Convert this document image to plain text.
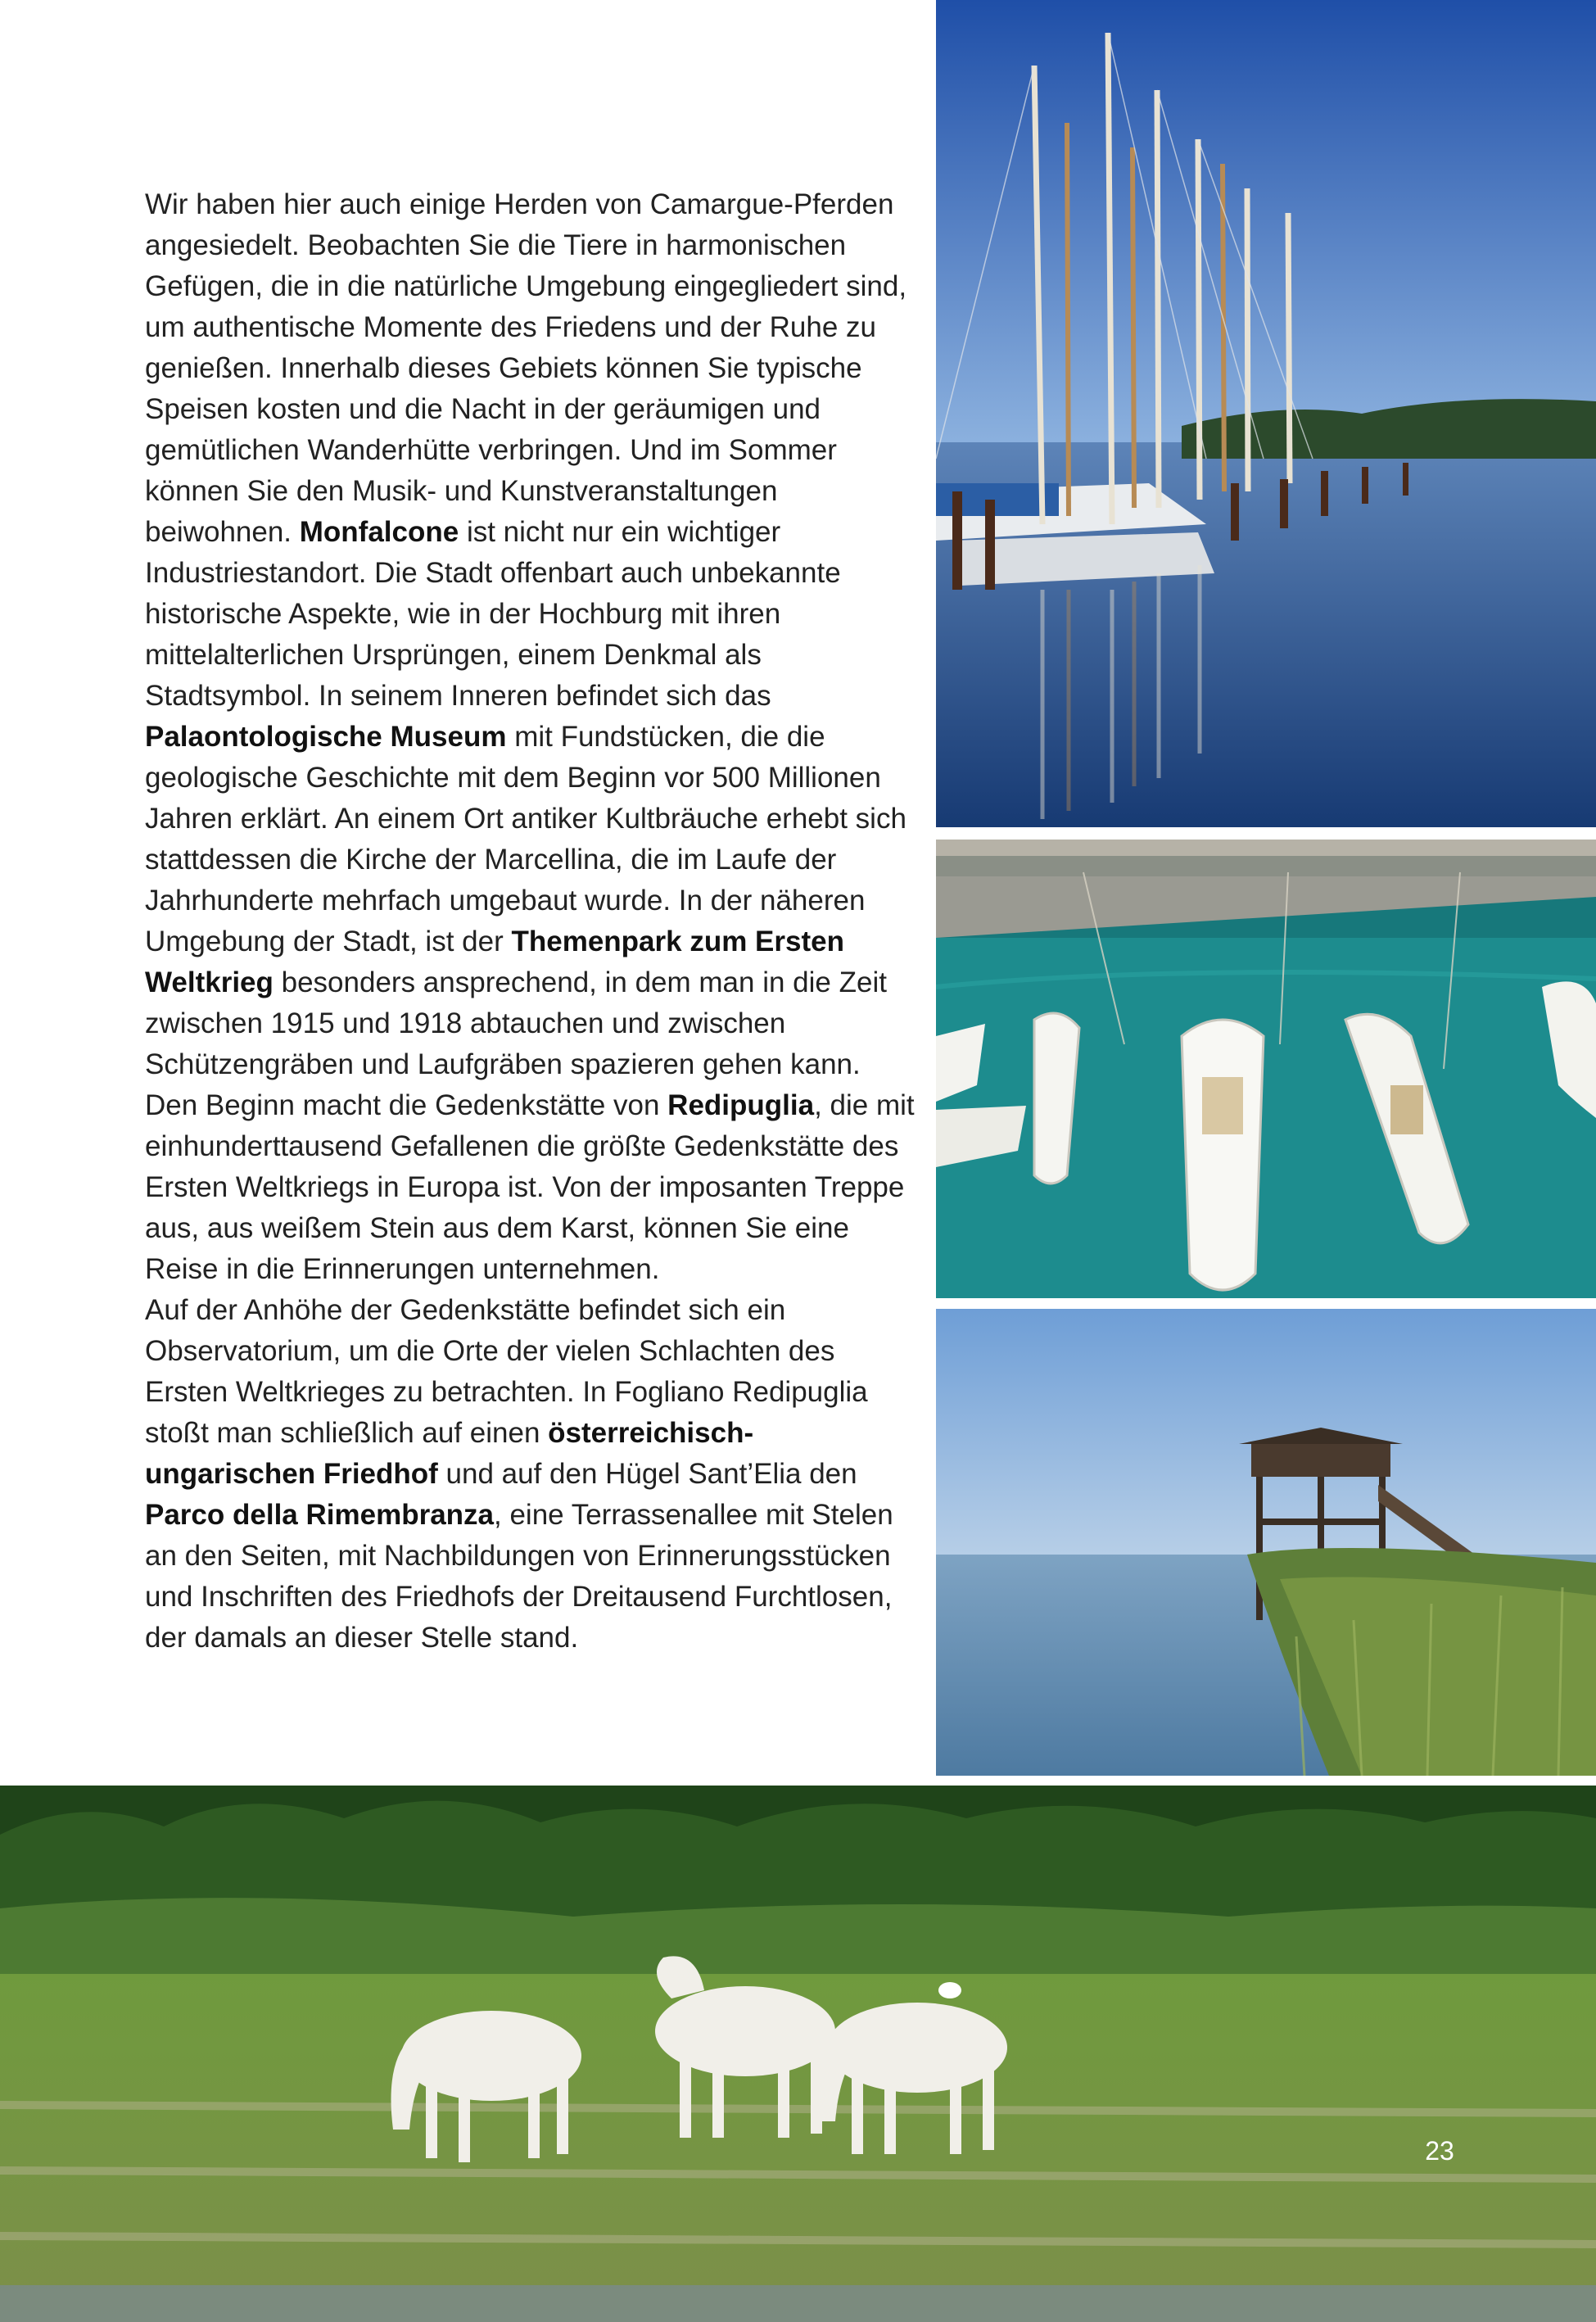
Wir haben hier auch einige Herden von Camargue-Pferden angesiedelt. Beobachten Sie die Tiere in harmonischen Gefügen, die in die natürliche Umgebung eingegliedert sind, um authentische Momente des Friedens und der Ruhe zu genießen. Innerhalb dieses Gebiets können Sie typische Speisen kosten und die Nacht in der geräumigen und gemütlichen Wanderhütte verbringen. Und im Sommer können Sie den Musik- und Kunstveranstaltungen beiwohnen. Monfalcone ist nicht nur ein wichtiger Industriestandort. Die Stadt offenbart auch unbekannte historische Aspekte, wie in der Hochburg mit ihren mittelalterlichen Ursprüngen, einem Denkmal als Stadtsymbol. In seinem Inneren befindet sich das Palaontologische Museum mit Fundstücken, die die geologische Geschichte mit dem Beginn vor 500 Millionen Jahren erklärt. An einem Ort antiker Kultbräuche erhebt sich stattdessen die Kirche der Marcellina, die im Laufe der Jahrhunderte mehrfach umgebaut wurde. In der näheren Umgebung der Stadt, ist der Themenpark zum Ersten Weltkrieg besonders ansprechend, in dem man in die Zeit zwischen 1915 und 1918 abtauchen und zwischen Schützengräben und Laufgräben spazieren gehen kann. Den Beginn macht die Gedenkstätte von Redipuglia, die mit einhunderttausend Gefallenen die größte Gedenkstätte des Ersten Weltkriegs in Europa ist. Von der imposanten Treppe aus, aus weißem Stein aus dem Karst, können Sie eine Reise in die Erinnerungen unternehmen.

Auf der Anhöhe der Gedenkstätte befindet sich ein Observatorium, um die Orte der vielen Schlachten des Ersten Weltkrieges zu betrachten. In Fogliano Redipuglia stoßt man schließlich auf einen österreichisch-ungarischen Friedhof und auf den Hügel Sant’Elia den Parco della Rimembranza, eine Terrassenallee mit Stelen an den Seiten, mit Nachbildungen von Erinnerungsstücken und Inschriften des Friedhofs der Dreitausend Furchtlosen, der damals an dieser Stelle stand.

23
